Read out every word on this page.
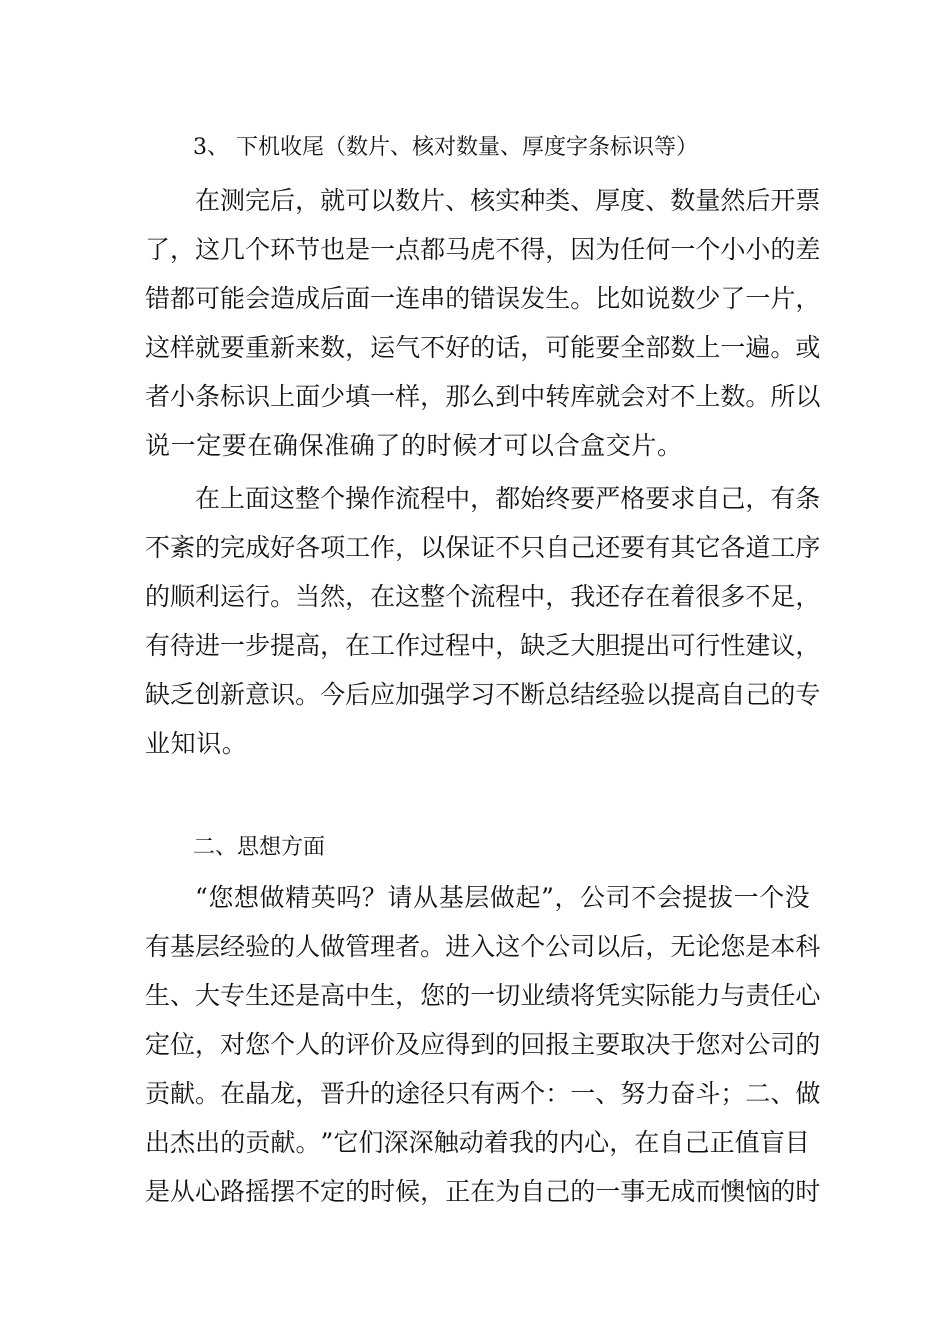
3、 下机收尾（数片、核对数量、厚度字条标识等）
在 测 完 后 ， 就 可 以 数 片 、 核 实 种 类 、 厚 度 、 数 量 然 后 开 票
了 ， 这 几 个 环 节 也 是 一 点 都 马 虎 不 得 ， 因 为 任 何 一 个 小 小 的 差
错 都 可 能 会 造 成 后 面 一 连 串 的 错 误 发 生 。 比 如 说 数 少 了 一 片 ，
这 样 就 要 重 新 来 数 ， 运 气 不 好 的 话 ， 可 能 要 全 部 数 上 一 遍 。 或
者 小 条 标 识 上 面 少 填 一 样 ， 那 么 到 中 转 库 就 会 对 不 上 数 。 所 以
说一定要在确保准确了的时候才可以合盒交片。
在 上 面 这 整 个 操 作 流 程 中 ， 都 始 终 要 严 格 要 求 自 己 ， 有 条
不 紊 的 完 成 好 各 项 工 作 ， 以 保 证 不 只 自 己 还 要 有 其 它 各 道 工 序
的 顺 利 运 行 。 当 然 ， 在 这 整 个 流 程 中 ， 我 还 存 在 着 很 多 不 足 ，
有 待 进 一 步 提 高 ， 在 工 作 过 程 中 ， 缺 乏 大 胆 提 出 可 行 性 建 议 ，
缺 乏 创 新 意 识 。 今 后 应 加 强 学 习 不 断 总 结 经 验 以 提 高 自 己 的 专
业知识。
二、思想方面
“ 您 想 做 精 英 吗 ？ 请 从 基 层 做 起 ” ， 公 司 不 会 提 拔 一 个 没
有 基 层 经 验 的 人 做 管 理 者 。 进 入 这 个 公 司 以 后 ， 无 论 您 是 本 科
生 、 大 专 生 还 是 高 中 生 ， 您 的 一 切 业 绩 将 凭 实 际 能 力 与 责 任 心
定 位 ， 对 您 个 人 的 评 价 及 应 得 到 的 回 报 主 要 取 决 于 您 对 公 司 的
贡 献 。 在 晶 龙 ， 晋 升 的 途 径 只 有 两 个 ： 一 、 努 力 奋 斗 ； 二 、 做
出 杰 出 的 贡 献 。 ” 它 们 深 深 触 动 着 我 的 内 心 ， 在 自 己 正 值 盲 目
是 从 心 路 摇 摆 不 定 的 时 候 ， 正 在 为 自 己 的 一 事 无 成 而 懊 恼 的 时
